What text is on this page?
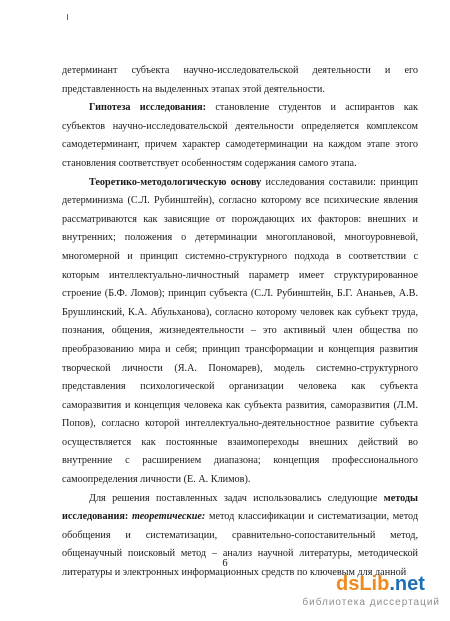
детерминант субъекта научно-исследовательской деятельности и его представленность на выделенных этапах этой деятельности.

Гипотеза исследования: становление студентов и аспирантов как субъектов научно-исследовательской деятельности определяется комплексом самодетерминант, причем характер самодетерминации на каждом этапе этого становления соответствует особенностям содержания самого этапа.

Теоретико-методологическую основу исследования составили: принцип детерминизма (С.Л. Рубинштейн), согласно которому все психические явления рассматриваются как зависящие от порождающих их факторов: внешних и внутренних; положения о детерминации многоплановой, многоуровневой, многомерной и принцип системно-структурного подхода в соответствии с которым интеллектуально-личностный параметр имеет структурированное строение (Б.Ф. Ломов); принцип субъекта (С.Л. Рубинштейн, Б.Г. Ананьев, А.В. Брушлинский, К.А. Абульханова), согласно которому человек как субъект труда, познания, общения, жизнедеятельности – это активный член общества по преобразованию мира и себя; принцип трансформации и концепция развития творческой личности (Я.А. Пономарев), модель системно-структурного представления психологической организации человека как субъекта саморазвития и концепция человека как субъекта развития, саморазвития (Л.М. Попов), согласно которой интеллектуально-деятельностное развитие субъекта осуществляется как постоянные взаимопереходы внешних действий во внутренние с расширением диапазона; концепция профессионального самоопределения личности (Е. А. Климов).

Для решения поставленных задач использовались следующие методы исследования: теоретические: метод классификации и систематизации, метод обобщения и систематизации, сравнительно-сопоставительный метод, общенаучный поисковый метод – анализ научной литературы, методической литературы и электронных информационных средств по ключевым для данной

6
dsLib.net
библиотека диссертаций
